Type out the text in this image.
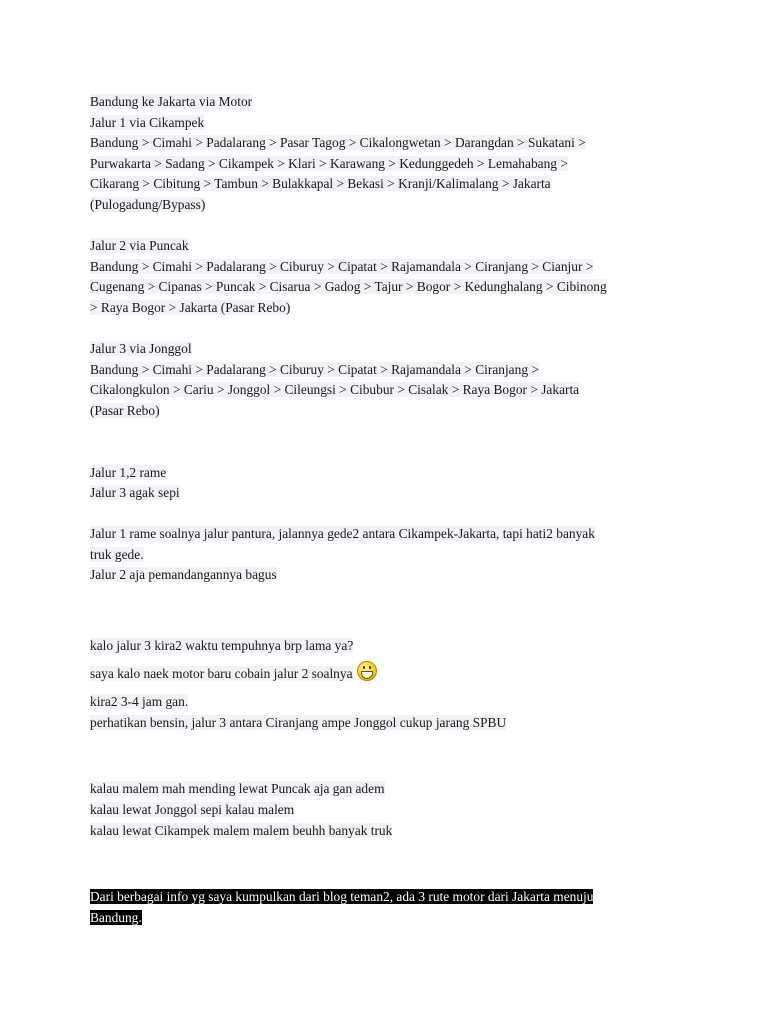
Bandung ke Jakarta via Motor
Jalur 1 via Cikampek
Bandung > Cimahi > Padalarang > Pasar Tagog > Cikalongwetan > Darangdan > Sukatani >
Purwakarta > Sadang > Cikampek > Klari > Karawang > Kedunggedeh > Lemahabang >
Cikarang > Cibitung > Tambun > Bulakkapal > Bekasi > Kranji/Kalimalang > Jakarta
(Pulogadung/Bypass)
Jalur 2 via Puncak
Bandung > Cimahi > Padalarang > Ciburuy > Cipatat > Rajamandala > Ciranjang > Cianjur >
Cugenang > Cipanas > Puncak > Cisarua > Gadog > Tajur > Bogor > Kedunghalang > Cibinong
> Raya Bogor > Jakarta (Pasar Rebo)
Jalur 3 via Jonggol
Bandung > Cimahi > Padalarang > Ciburuy > Cipatat > Rajamandala > Ciranjang >
Cikalongkulon > Cariu > Jonggol > Cileungsi > Cibubur > Cisalak > Raya Bogor > Jakarta
(Pasar Rebo)
Jalur 1,2 rame
Jalur 3 agak sepi
Jalur 1 rame soalnya jalur pantura, jalannya gede2 antara Cikampek-Jakarta, tapi hati2 banyak
truk gede.
Jalur 2 aja pemandangannya bagus
kalo jalur 3 kira2 waktu tempuhnya brp lama ya?
saya kalo naek motor baru cobain jalur 2 soalnya
kira2 3-4 jam gan.
perhatikan bensin, jalur 3 antara Ciranjang ampe Jonggol cukup jarang SPBU
kalau malem mah mending lewat Puncak aja gan adem
kalau lewat Jonggol sepi kalau malem
kalau lewat Cikampek malem malem beuhh banyak truk
Dari berbagai info yg saya kumpulkan dari blog teman2, ada 3 rute motor dari Jakarta menuju
Bandung.
